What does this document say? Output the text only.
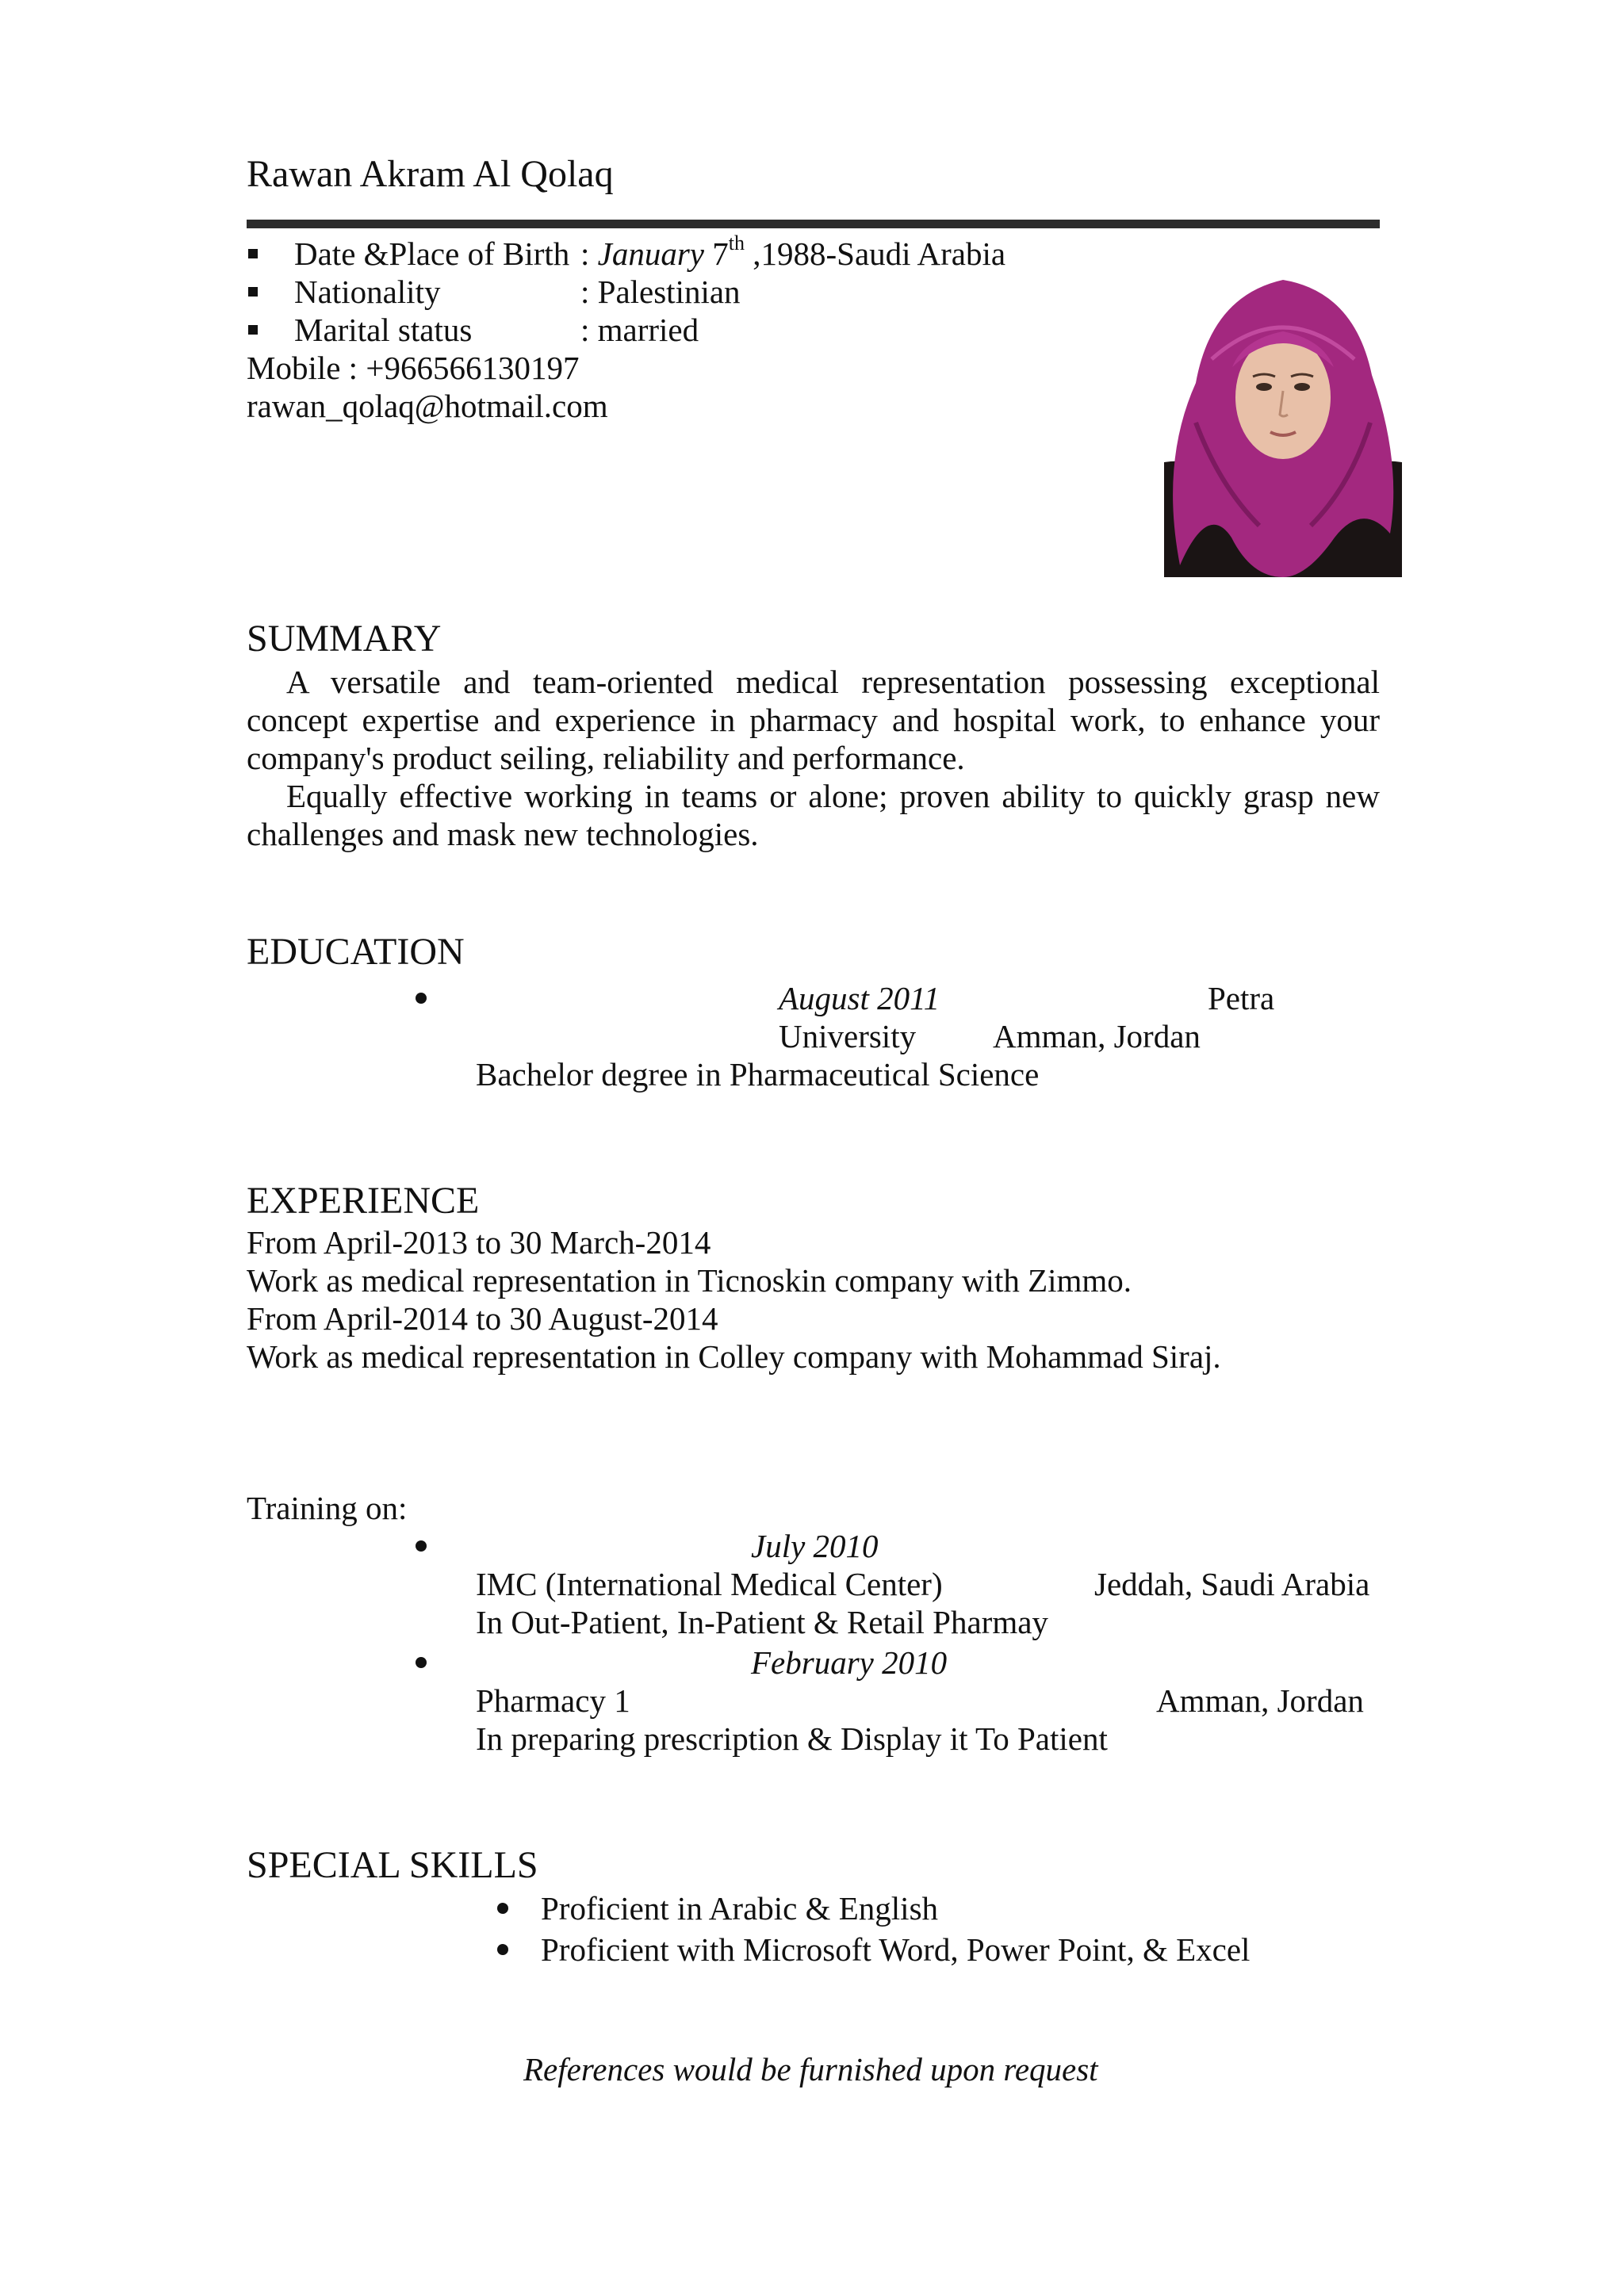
Rawan Akram Al Qolaq
Date &Place of Birth : January 7th ,1988-Saudi Arabia
Nationality	: Palestinian
Marital status	: married
Mobile : +966566130197
rawan_qolaq@hotmail.com
SUMMARY

A versatile and team-oriented medical representation possessing exceptional concept expertise and experience in pharmacy and hospital work, to enhance your company's product seiling, reliability and performance.

Equally effective working in teams or alone; proven ability to quickly grasp new challenges and mask new technologies.

EDUCATION
August 2011	Petra
University Amman, Jordan
Bachelor degree in Pharmaceutical Science
EXPERIENCE
From April-2013 to 30 March-2014
Work as medical representation in Ticnoskin company with Zimmo.
From April-2014 to 30 August-2014
Work as medical representation in Colley company with Mohammad Siraj.
Training on:
July 2010
IMC (International Medical Center)	Jeddah, Saudi Arabia
In Out-Patient, In-Patient & Retail Pharmay
February 2010
Pharmacy 1	Amman, Jordan
In preparing prescription & Display it To Patient
SPECIAL SKILLS
Proficient in Arabic & English
Proficient with Microsoft Word, Power Point, & Excel
References would be furnished upon request
